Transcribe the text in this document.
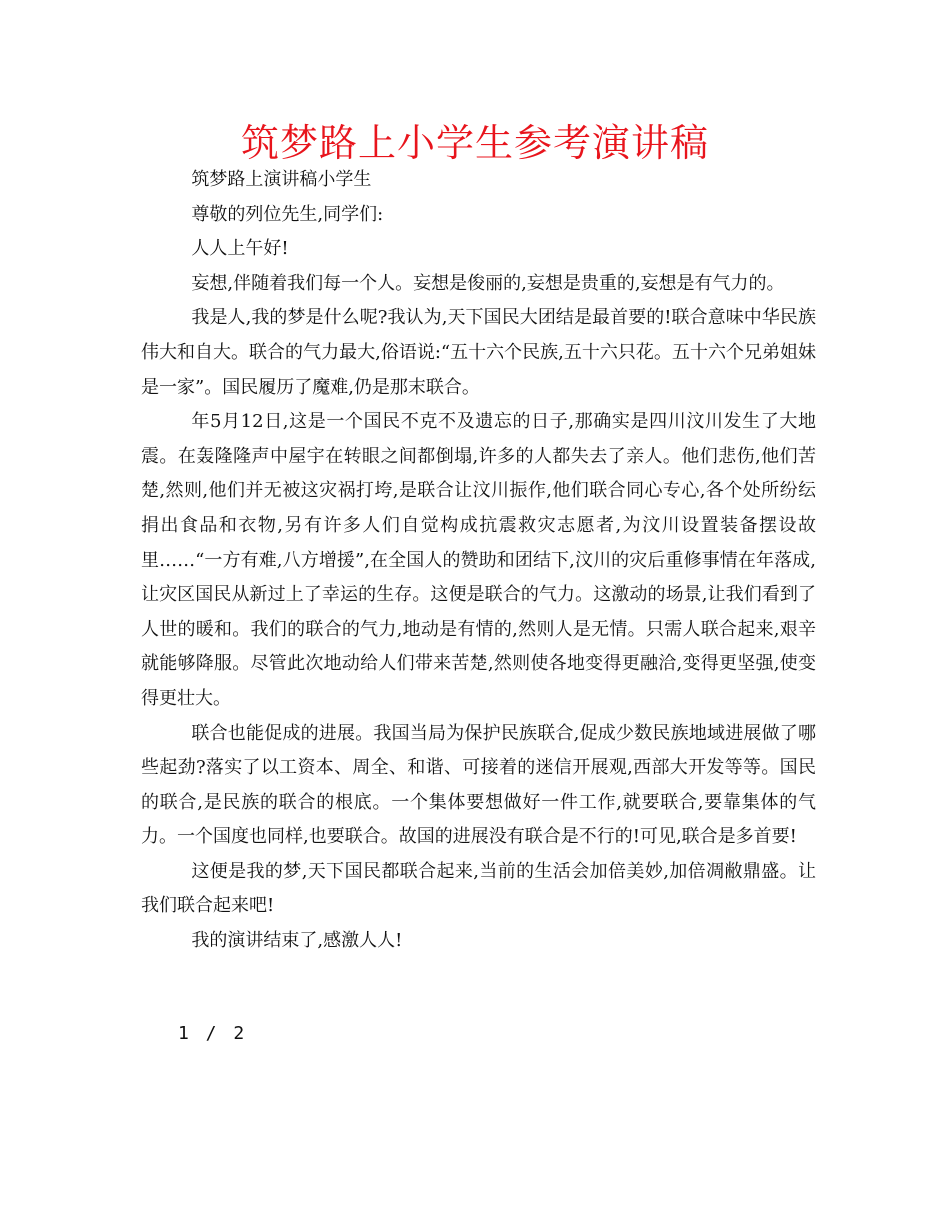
筑梦路上小学生参考演讲稿

筑梦路上演讲稿小学生

尊敬的列位先生,同学们:

人人上午好!

妄想,伴随着我们每一个人。妄想是俊丽的,妄想是贵重的,妄想是有气力的。

我是人,我的梦是什么呢?我认为,天下国民大团结是最首要的!联合意味中华民族伟大和自大。联合的气力最大,俗语说:“五十六个民族,五十六只花。五十六个兄弟姐妹是一家”。国民履历了魔难,仍是那末联合。

年5月12日,这是一个国民不克不及遗忘的日子,那确实是四川汶川发生了大地震。在轰隆隆声中屋宇在转眼之间都倒塌,许多的人都失去了亲人。他们悲伤,他们苦楚,然则,他们并无被这灾祸打垮,是联合让汶川振作,他们联合同心专心,各个处所纷纭捐出食品和衣物,另有许多人们自觉构成抗震救灾志愿者,为汶川设置装备摆设故里……“一方有难,八方增援”,在全国人的赞助和团结下,汶川的灾后重修事情在年落成,让灾区国民从新过上了幸运的生存。这便是联合的气力。这激动的场景,让我们看到了人世的暖和。我们的联合的气力,地动是有情的,然则人是无情。只需人联合起来,艰辛就能够降服。尽管此次地动给人们带来苦楚,然则使各地变得更融洽,变得更坚强,使变得更壮大。

联合也能促成的进展。我国当局为保护民族联合,促成少数民族地域进展做了哪些起劲?落实了以工资本、周全、和谐、可接着的迷信开展观,西部大开发等等。国民的联合,是民族的联合的根底。一个集体要想做好一件工作,就要联合,要靠集体的气力。一个国度也同样,也要联合。故国的进展没有联合是不行的!可见,联合是多首要!

这便是我的梦,天下国民都联合起来,当前的生活会加倍美妙,加倍凋敝鼎盛。让我们联合起来吧!

我的演讲结束了,感激人人!

1 / 2
